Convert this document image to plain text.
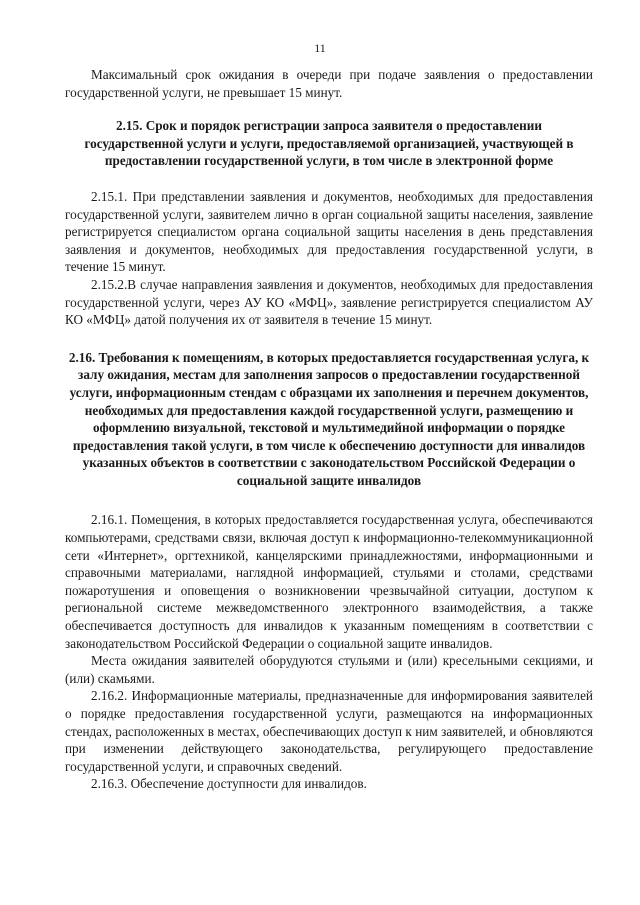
11

Максимальный срок ожидания в очереди при подаче заявления о предоставлении государственной услуги, не превышает 15 минут.

2.15. Срок и порядок регистрации запроса заявителя о предоставлении государственной услуги и услуги, предоставляемой организацией, участвующей в предоставлении государственной услуги, в том числе в электронной форме

2.15.1. При представлении заявления и документов, необходимых для предоставления государственной услуги, заявителем лично в орган социальной защиты населения, заявление регистрируется специалистом органа социальной защиты населения в день представления заявления и документов, необходимых для предоставления государственной услуги, в течение 15 минут.

2.15.2.В случае направления заявления и документов, необходимых для предоставления государственной услуги, через АУ КО «МФЦ», заявление регистрируется специалистом АУ КО «МФЦ» датой получения их от заявителя в течение 15 минут.

2.16. Требования к помещениям, в которых предоставляется государственная услуга, к залу ожидания, местам для заполнения запросов о предоставлении государственной услуги, информационным стендам с образцами их заполнения и перечнем документов, необходимых для предоставления каждой государственной услуги, размещению и оформлению визуальной, текстовой и мультимедийной информации о порядке предоставления такой услуги, в том числе к обеспечению доступности для инвалидов указанных объектов в соответствии с законодательством Российской Федерации о социальной защите инвалидов

2.16.1. Помещения, в которых предоставляется государственная услуга, обеспечиваются компьютерами, средствами связи, включая доступ к информационно-телекоммуникационной сети «Интернет», оргтехникой, канцелярскими принадлежностями, информационными и справочными материалами, наглядной информацией, стульями и столами, средствами пожаротушения и оповещения о возникновении чрезвычайной ситуации, доступом к региональной системе межведомственного электронного взаимодействия, а также обеспечивается доступность для инвалидов к указанным помещениям в соответствии с законодательством Российской Федерации о социальной защите инвалидов.

Места ожидания заявителей оборудуются стульями и (или) кресельными секциями, и (или) скамьями.

2.16.2. Информационные материалы, предназначенные для информирования заявителей о порядке предоставления государственной услуги, размещаются на информационных стендах, расположенных в местах, обеспечивающих доступ к ним заявителей, и обновляются при изменении действующего законодательства, регулирующего предоставление государственной услуги, и справочных сведений.

2.16.3. Обеспечение доступности для инвалидов.
